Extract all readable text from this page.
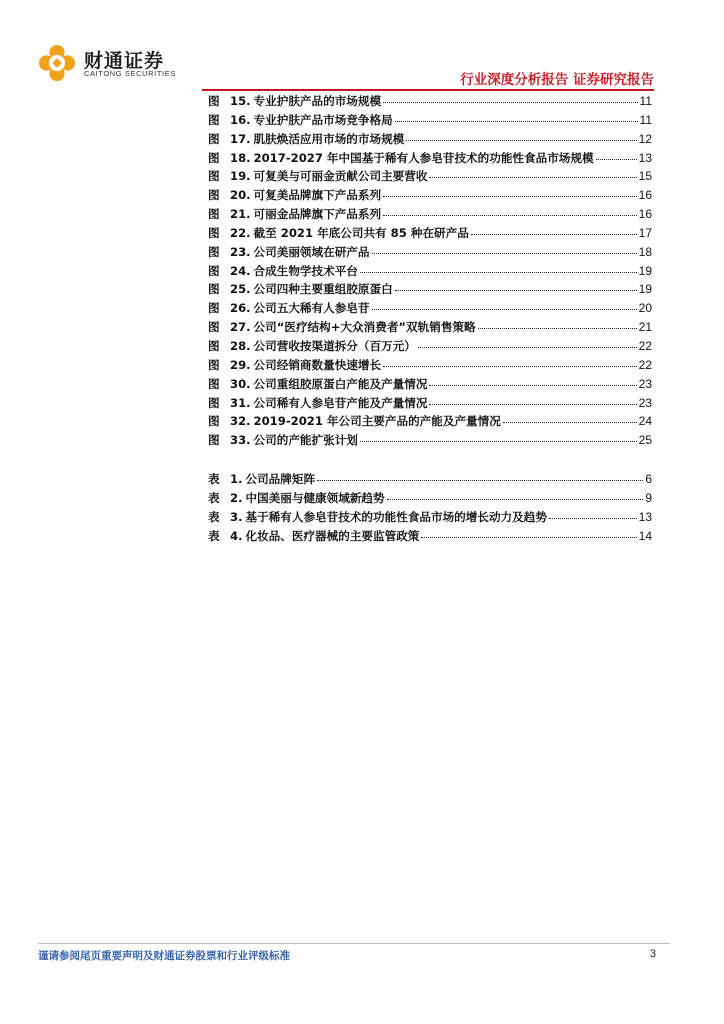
财通证券
CAITONG SECURITIES	行业深度分析报告 证券研究报告
图 15. 专业护肤产品的市场规模	11
图 16. 专业护肤产品市场竞争格局	11
图 17. 肌肤焕活应用市场的市场规模	12
图 18. 2017-2027 年中国基于稀有人参皂苷技术的功能性食品市场规模	13
图 19. 可复美与可丽金贡献公司主要营收	15
图 20. 可复美品牌旗下产品系列	16
图 21. 可丽金品牌旗下产品系列	16
图 22. 截至 2021 年底公司共有 85 种在研产品	17
图 23. 公司美丽领域在研产品	18
图 24. 合成生物学技术平台	19
图 25. 公司四种主要重组胶原蛋白	19
图 26. 公司五大稀有人参皂苷	20
图 27. 公司“医疗结构+大众消费者”双轨销售策略	21
图 28. 公司营收按渠道拆分（百万元）	22
图 29. 公司经销商数量快速增长	22
图 30. 公司重组胶原蛋白产能及产量情况	23
图 31. 公司稀有人参皂苷产能及产量情况	23
图 32. 2019-2021 年公司主要产品的产能及产量情况	24
图 33. 公司的产能扩张计划	25
表 1. 公司品牌矩阵	6
表 2. 中国美丽与健康领域新趋势	9
表 3. 基于稀有人参皂苷技术的功能性食品市场的增长动力及趋势	13
表 4. 化妆品、医疗器械的主要监管政策	14
谨请参阅尾页重要声明及财通证券股票和行业评级标准	3
